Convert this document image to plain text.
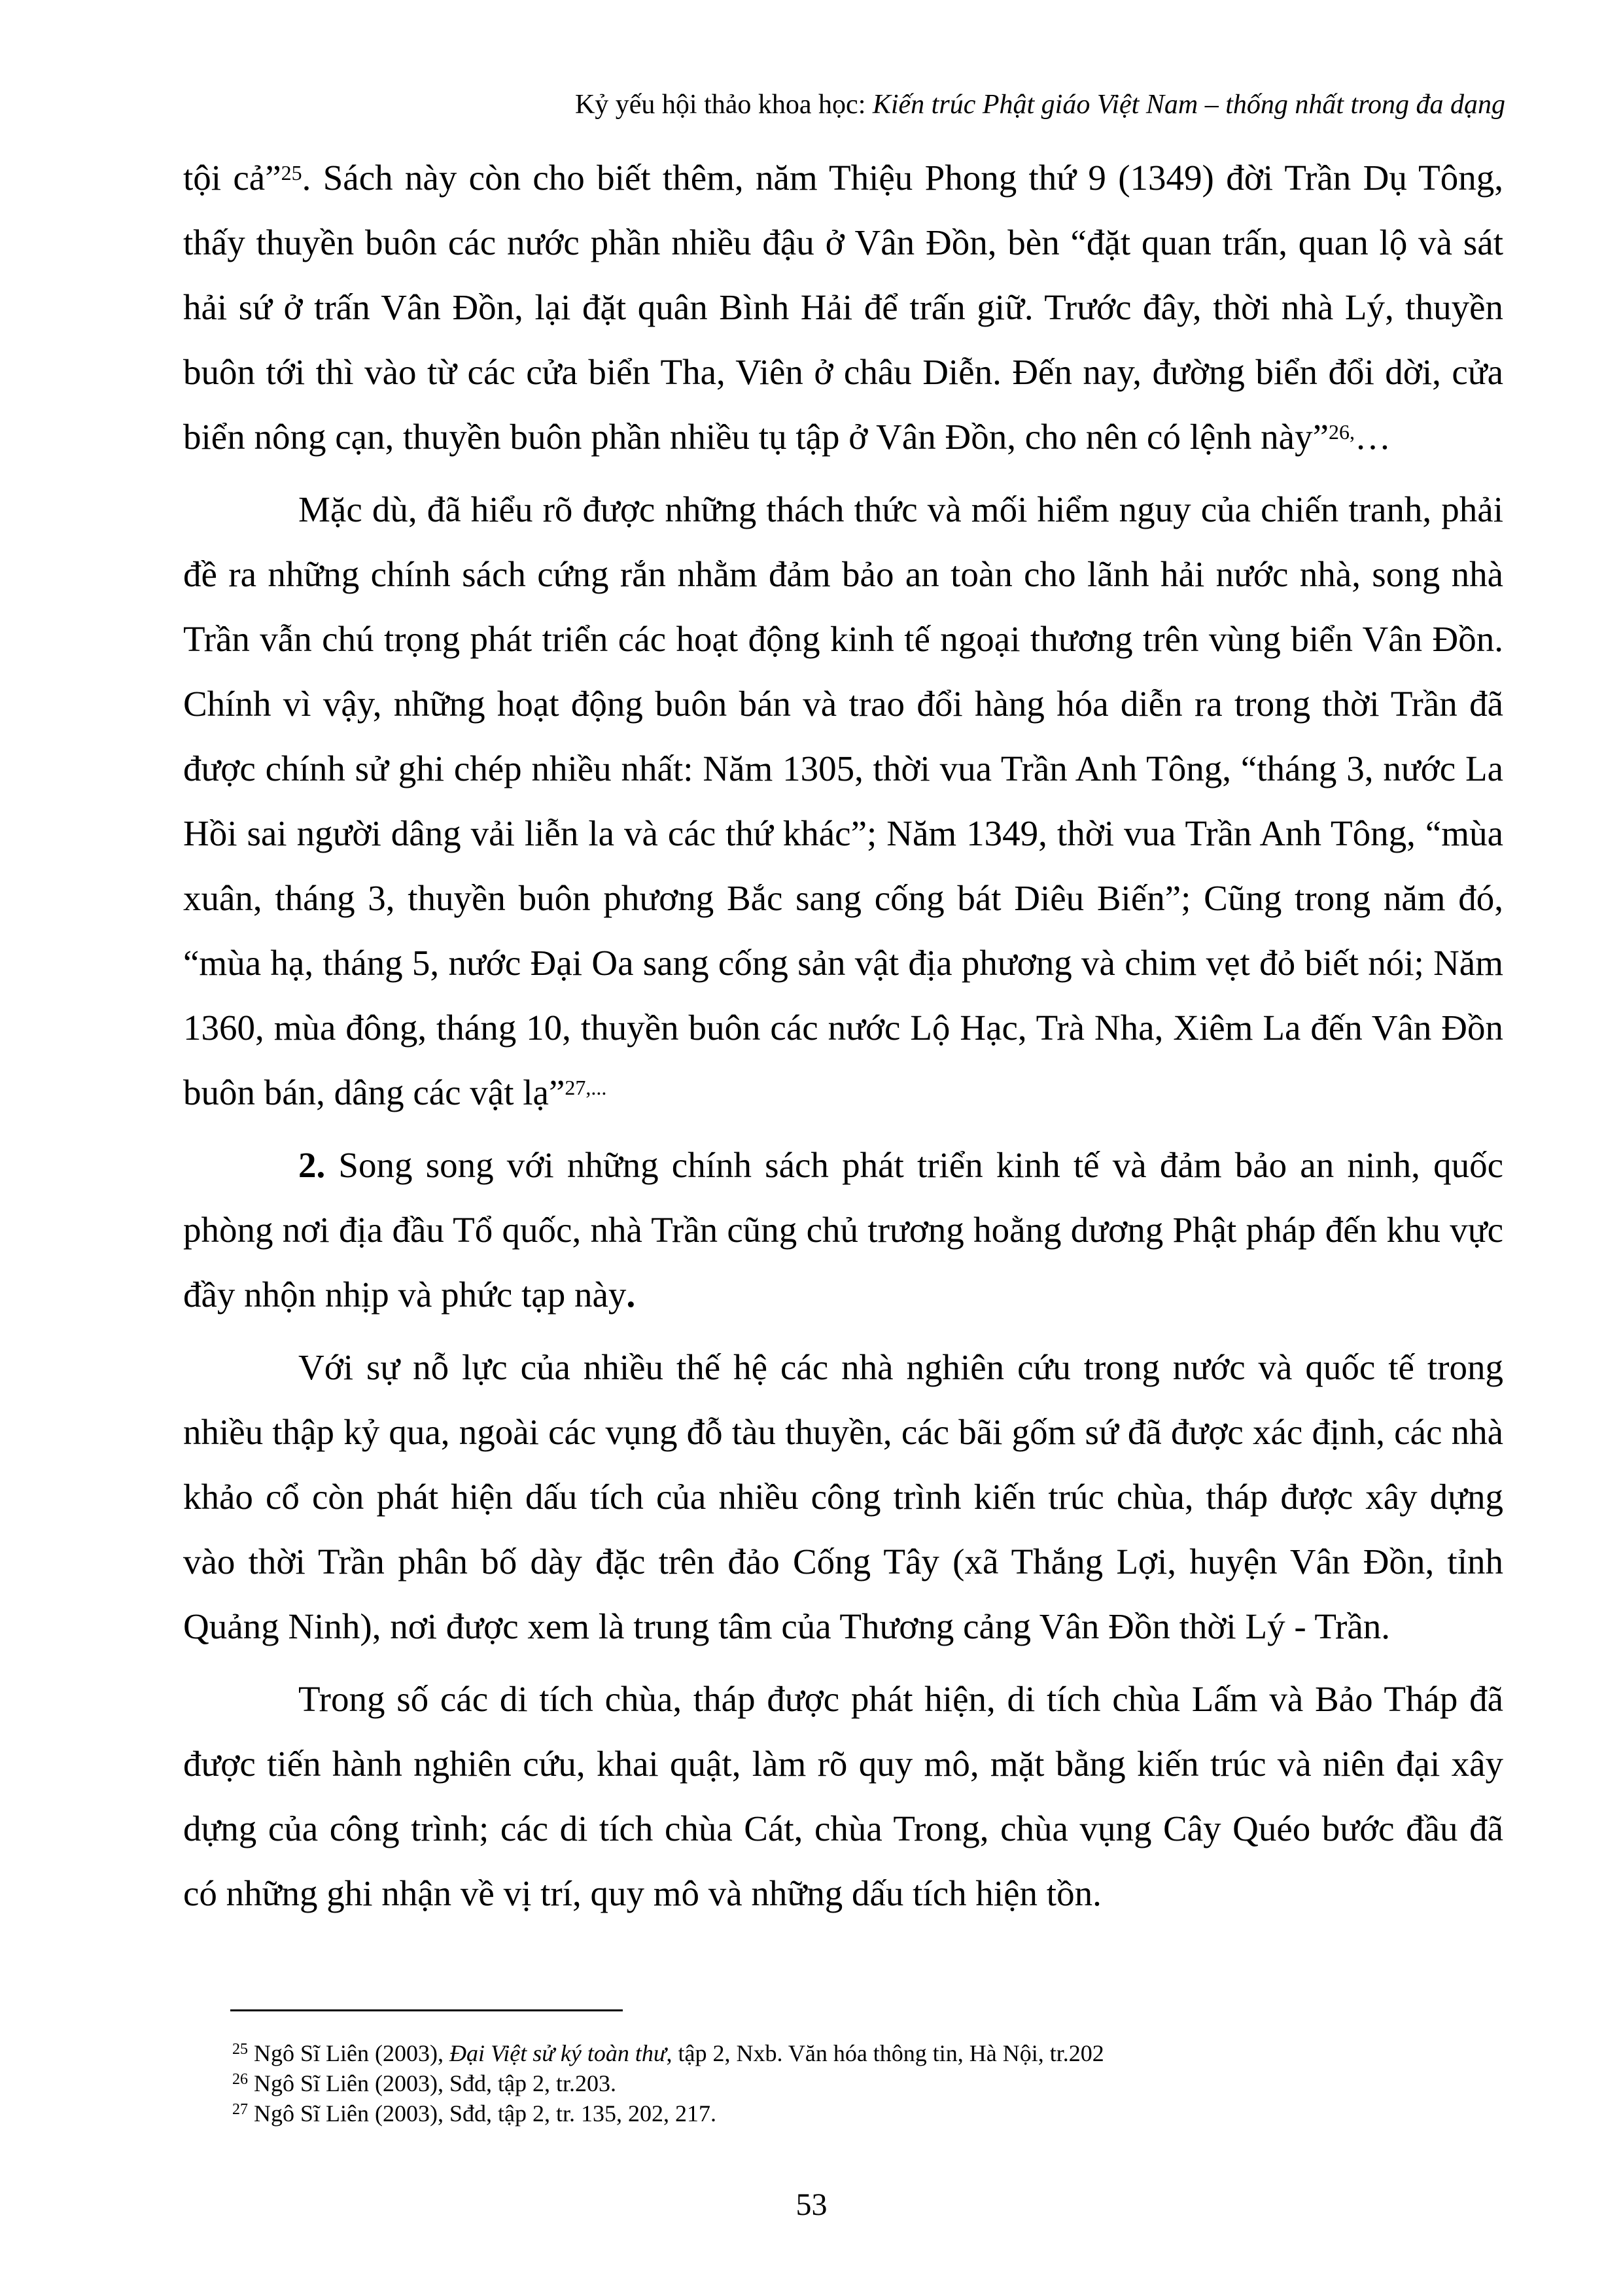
Kỷ yếu hội thảo khoa học: Kiến trúc Phật giáo Việt Nam – thống nhất trong đa dạng

tội cả”$^{25}$. Sách này còn cho biết thêm, năm Thiệu Phong thứ 9 (1349) đời Trần Dụ Tông, thấy thuyền buôn các nước phần nhiều đậu ở Vân Đồn, bèn “đặt quan trấn, quan lộ và sát hải sứ ở trấn Vân Đồn, lại đặt quân Bình Hải để trấn giữ. Trước đây, thời nhà Lý, thuyền buôn tới thì vào từ các cửa biển Tha, Viên ở châu Diễn. Đến nay, đường biển đổi dời, cửa biển nông cạn, thuyền buôn phần nhiều tụ tập ở Vân Đồn, cho nên có lệnh này”$^{26,}$…

Mặc dù, đã hiểu rõ được những thách thức và mối hiểm nguy của chiến tranh, phải đề ra những chính sách cứng rắn nhằm đảm bảo an toàn cho lãnh hải nước nhà, song nhà Trần vẫn chú trọng phát triển các hoạt động kinh tế ngoại thương trên vùng biển Vân Đồn. Chính vì vậy, những hoạt động buôn bán và trao đổi hàng hóa diễn ra trong thời Trần đã được chính sử ghi chép nhiều nhất: Năm 1305, thời vua Trần Anh Tông, “tháng 3, nước La Hồi sai người dâng vải liễn la và các thứ khác”; Năm 1349, thời vua Trần Anh Tông, “mùa xuân, tháng 3, thuyền buôn phương Bắc sang cống bát Diêu Biến”; Cũng trong năm đó, “mùa hạ, tháng 5, nước Đại Oa sang cống sản vật địa phương và chim vẹt đỏ biết nói; Năm 1360, mùa đông, tháng 10, thuyền buôn các nước Lộ Hạc, Trà Nha, Xiêm La đến Vân Đồn buôn bán, dâng các vật lạ”$^{27,...}$

2. Song song với những chính sách phát triển kinh tế và đảm bảo an ninh, quốc phòng nơi địa đầu Tổ quốc, nhà Trần cũng chủ trương hoằng dương Phật pháp đến khu vực đầy nhộn nhịp và phức tạp này.

Với sự nỗ lực của nhiều thế hệ các nhà nghiên cứu trong nước và quốc tế trong nhiều thập kỷ qua, ngoài các vụng đỗ tàu thuyền, các bãi gốm sứ đã được xác định, các nhà khảo cổ còn phát hiện dấu tích của nhiều công trình kiến trúc chùa, tháp được xây dựng vào thời Trần phân bố dày đặc trên đảo Cống Tây (xã Thắng Lợi, huyện Vân Đồn, tỉnh Quảng Ninh), nơi được xem là trung tâm của Thương cảng Vân Đồn thời Lý - Trần.

Trong số các di tích chùa, tháp được phát hiện, di tích chùa Lấm và Bảo Tháp đã được tiến hành nghiên cứu, khai quật, làm rõ quy mô, mặt bằng kiến trúc và niên đại xây dựng của công trình; các di tích chùa Cát, chùa Trong, chùa vụng Cây Quéo bước đầu đã có những ghi nhận về vị trí, quy mô và những dấu tích hiện tồn.

$^{25}$ Ngô Sĩ Liên (2003), Đại Việt sử ký toàn thư, tập 2, Nxb. Văn hóa thông tin, Hà Nội, tr.202
$^{26}$ Ngô Sĩ Liên (2003), Sđd, tập 2, tr.203.
$^{27}$ Ngô Sĩ Liên (2003), Sđd, tập 2, tr. 135, 202, 217.
53
